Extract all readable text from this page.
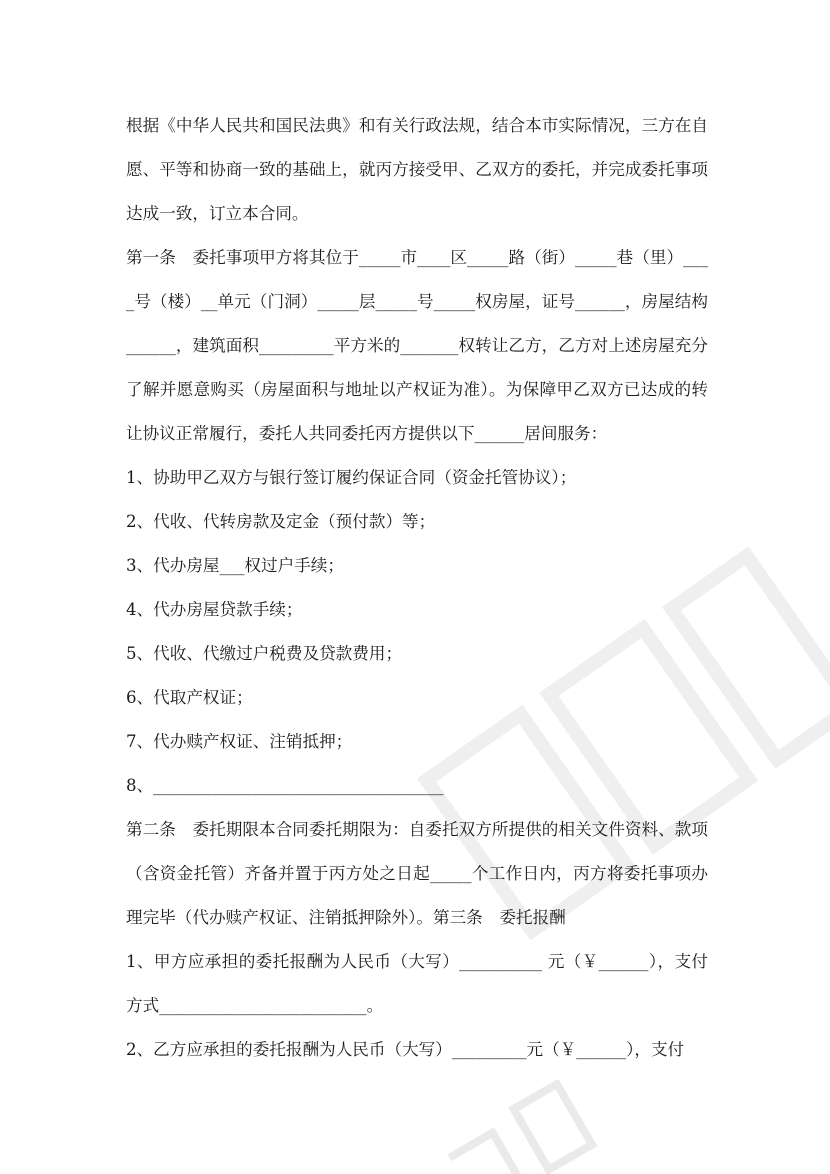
根据《中华人民共和国民法典》和有关行政法规，结合本市实际情况，三方在自愿、平等和协商一致的基础上，就丙方接受甲、乙双方的委托，并完成委托事项达成一致，订立本合同。

第一条　委托事项甲方将其位于_____市____区_____路（街）_____巷（里）____号（楼）__单元（门洞）_____层_____号_____权房屋，证号______，房屋结构______，建筑面积_________平方米的_______权转让乙方，乙方对上述房屋充分了解并愿意购买（房屋面积与地址以产权证为准）。为保障甲乙双方已达成的转让协议正常履行，委托人共同委托丙方提供以下______居间服务：

1、协助甲乙双方与银行签订履约保证合同（资金托管协议）；

2、代收、代转房款及定金（预付款）等；

3、代办房屋___权过户手续；

4、代办房屋贷款手续；

5、代收、代缴过户税费及贷款费用；

6、代取产权证；

7、代办赎产权证、注销抵押；

8、___________________________________

第二条　委托期限本合同委托期限为：自委托双方所提供的相关文件资料、款项（含资金托管）齐备并置于丙方处之日起_____个工作日内，丙方将委托事项办理完毕（代办赎产权证、注销抵押除外）。第三条　委托报酬

1、甲方应承担的委托报酬为人民币（大写）__________ 元（￥______），支付方式_________________________。

2、乙方应承担的委托报酬为人民币（大写）_________元（￥______），支付
